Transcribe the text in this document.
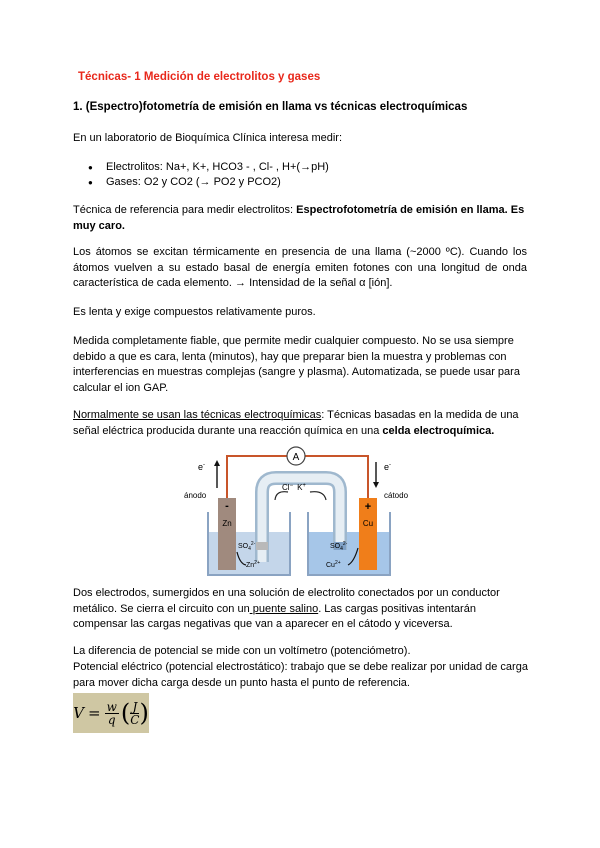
Técnicas- 1 Medición de electrolitos y gases
1. (Espectro)fotometría de emisión en llama vs técnicas electroquímicas

En un laboratorio de Bioquímica Clínica interesa medir:

● Electrolitos: Na+, K+, HCO3 - , Cl- , H+(→pH)
● Gases: O2 y CO2 (→ PO2 y PCO2)

Técnica de referencia para medir electrolitos: Espectrofotometría de emisión en llama. Es muy caro.

Los átomos se excitan térmicamente en presencia de una llama (~2000 ºC). Cuando los átomos vuelven a su estado basal de energía emiten fotones con una longitud de onda característica de cada elemento. → Intensidad de la señal α [ión].

Es lenta y exige compuestos relativamente puros.

Medida completamente fiable, que permite medir cualquier compuesto. No se usa siempre debido a que es cara, lenta (minutos), hay que preparar bien la muestra y problemas con interferencias en muestras complejas (sangre y plasma). Automatizada, se puede usar para calcular el ion GAP.

Normalmente se usan las técnicas electroquímicas: Técnicas basadas en la medida de una señal eléctrica producida durante una reacción química en una celda electroquímica.

A
e-	e-
ánodo	cátodo
Cl− K+
-
Zn
+
Cu
$SO_4^{2-}$
$Zn^{2+}$
$SO_4^{2-}$
$Cu^{2+}$

Dos electrodos, sumergidos en una solución de electrolito conectados por un conductor metálico. Se cierra el circuito con un puente salino. Las cargas positivas intentarán compensar las cargas negativas que van a aparecer en el cátodo y viceversa.

La diferencia de potencial se mide con un voltímetro (potenciómetro).

Potencial eléctrico (potencial electrostático): trabajo que se debe realizar por unidad de carga para mover dicha carga desde un punto hasta el punto de referencia.

$V = \frac{w}{q}$ ( J
C )
